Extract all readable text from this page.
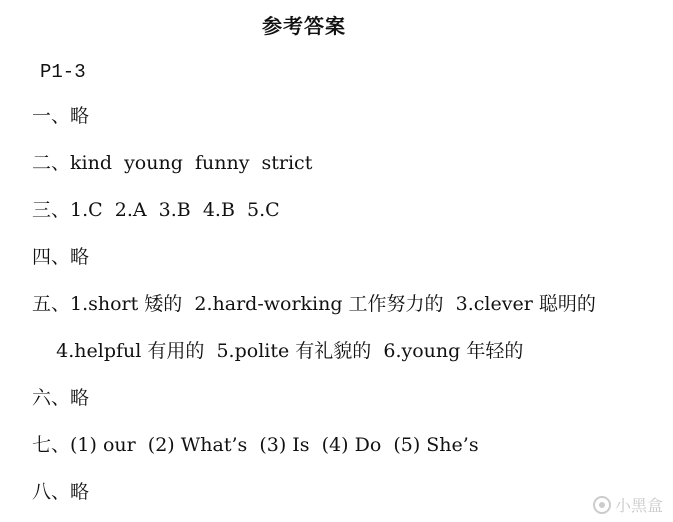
参考答案
P1-3
一、略
二、kind  young  funny  strict
三、1.C  2.A  3.B  4.B  5.C
四、略
五、1.short 矮的  2.hard-working 工作努力的  3.clever 聪明的
4.helpful 有用的  5.polite 有礼貌的  6.young 年轻的
六、略
七、(1) our  (2) What’s  (3) Is  (4) Do  (5) She’s
八、略
小黑盒
